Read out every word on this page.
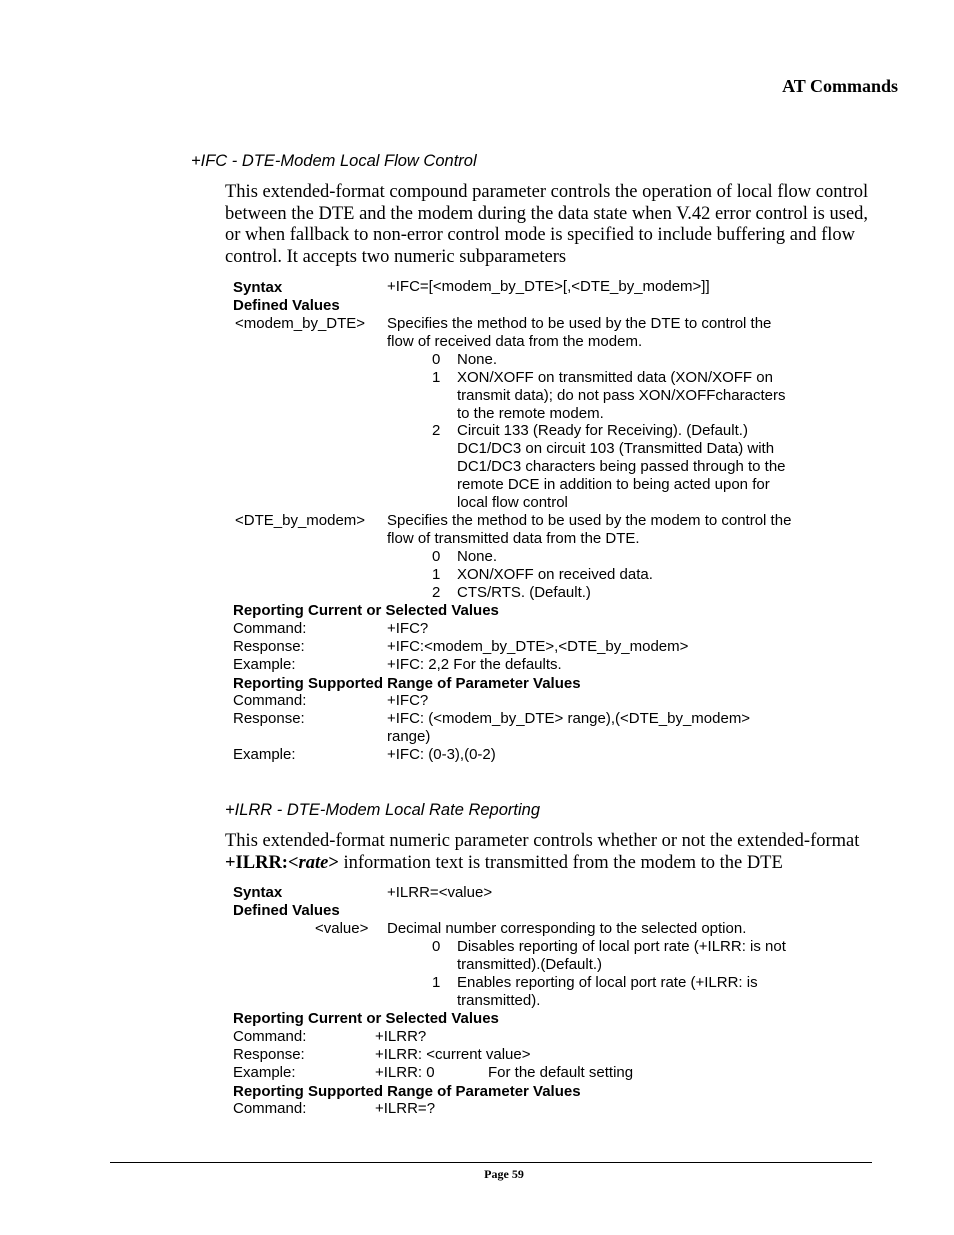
AT Commands
+IFC - DTE-Modem Local Flow Control
This extended-format compound parameter controls the operation of local flow control
between the DTE and the modem during the data state when V.42 error control is used,
or when fallback to non-error control mode is specified to include buffering and flow
control. It accepts two numeric subparameters
Syntax	+IFC=[<modem_by_DTE>[,<DTE_by_modem>]]
Defined Values
<modem_by_DTE> Specifies the method to be used by the DTE to control the
flow of received data from the modem.
0 None.
1 XON/XOFF on transmitted data (XON/XOFF on
transmit data); do not pass XON/XOFFcharacters
to the remote modem.
2 Circuit 133 (Ready for Receiving). (Default.)
DC1/DC3 on circuit 103 (Transmitted Data) with
DC1/DC3 characters being passed through to the
remote DCE in addition to being acted upon for
local flow control
<DTE_by_modem> Specifies the method to be used by the modem to control the
flow of transmitted data from the DTE.
0 None.
1 XON/XOFF on received data.
2 CTS/RTS. (Default.)
Reporting Current or Selected Values
Command:	+IFC?
Response:	+IFC:<modem_by_DTE>,<DTE_by_modem>
Example:	+IFC: 2,2 For the defaults.
Reporting Supported Range of Parameter Values
Command:	+IFC?
Response:	+IFC: (<modem_by_DTE> range),(<DTE_by_modem>
range)
Example:	+IFC: (0-3),(0-2)
+ILRR - DTE-Modem Local Rate Reporting
This extended-format numeric parameter controls whether or not the extended-format
+ILRR:<rate> information text is transmitted from the modem to the DTE
Syntax	+ILRR=<value>
Defined Values
<value> Decimal number corresponding to the selected option.
0 Disables reporting of local port rate (+ILRR: is not
transmitted).(Default.)
1 Enables reporting of local port rate (+ILRR: is
transmitted).
Reporting Current or Selected Values
Command:	+ILRR?
Response:	+ILRR: <current value>
Example:	+ILRR: 0	For the default setting
Reporting Supported Range of Parameter Values
Command:	+ILRR=?
Page 59
